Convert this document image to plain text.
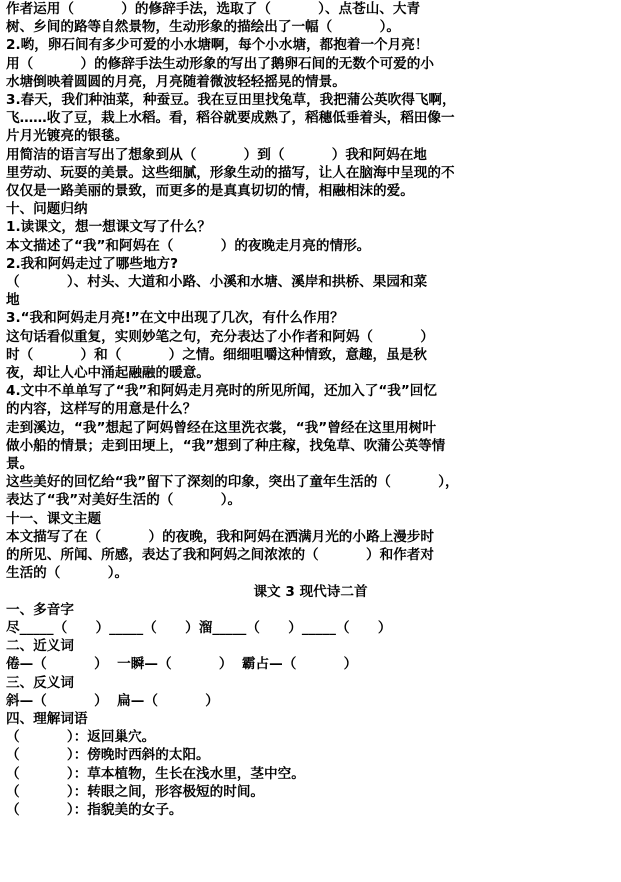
作者运用（          ）的修辞手法，选取了（          ）、点苍山、大青
树、乡间的路等自然景物，生动形象的描绘出了一幅（          ）。
2.哟，卵石间有多少可爱的小水塘啊，每个小水塘，都抱着一个月亮！
用（          ）的修辞手法生动形象的写出了鹅卵石间的无数个可爱的小
水塘倒映着圆圆的月亮，月亮随着微波轻轻摇晃的情景。
3.春天，我们种油菜，种蚕豆。我在豆田里找兔草，我把蒲公英吹得飞啊，
飞……收了豆，栽上水稻。看，稻谷就要成熟了，稻穗低垂着头，稻田像一
片月光镀亮的银毯。
用简洁的语言写出了想象到从（          ）到（          ）我和阿妈在地
里劳动、玩耍的美景。这些细腻，形象生动的描写，让人在脑海中呈现的不
仅仅是一路美丽的景致，而更多的是真真切切的情，相融相沫的爱。
十、问题归纳
1.读课文，想一想课文写了什么？
本文描述了“我”和阿妈在（          ）的夜晚走月亮的情形。
2.我和阿妈走过了哪些地方?
（          ）、村头、大道和小路、小溪和水塘、溪岸和拱桥、果园和菜
地
3.“我和阿妈走月亮!”在文中出现了几次，有什么作用？
这句话看似重复，实则妙笔之句，充分表达了小作者和阿妈（          ）
时（          ）和（          ）之情。细细咀嚼这种情致，意趣，虽是秋
夜，却让人心中涌起融融的暖意。
4.文中不单单写了“我”和阿妈走月亮时的所见所闻，还加入了“我”回忆
的内容，这样写的用意是什么？
走到溪边，“我”想起了阿妈曾经在这里洗衣裳，“我”曾经在这里用树叶
做小船的情景；走到田埂上，“我”想到了种庄稼，找兔草、吹蒲公英等情
景。
这些美好的回忆给“我”留下了深刻的印象，突出了童年生活的（          ），
表达了“我”对美好生活的（          ）。
十一、课文主题
本文描写了在（          ）的夜晚，我和阿妈在洒满月光的小路上漫步时
的所见、所闻、所感，表达了我和阿妈之间浓浓的（          ）和作者对
生活的（          ）。
课文 3 现代诗二首
一、多音字
尽_____（      ）_____（      ）溜_____（      ）_____（      ）
二、近义词
倦—（          ）  一瞬—（          ）  霸占—（          ）
三、反义词
斜—（          ）  扁—（          ）
四、理解词语
（          ）：返回巢穴。
（          ）：傍晚时西斜的太阳。
（          ）：草本植物，生长在浅水里，茎中空。
（          ）：转眼之间，形容极短的时间。
（          ）：指貌美的女子。
